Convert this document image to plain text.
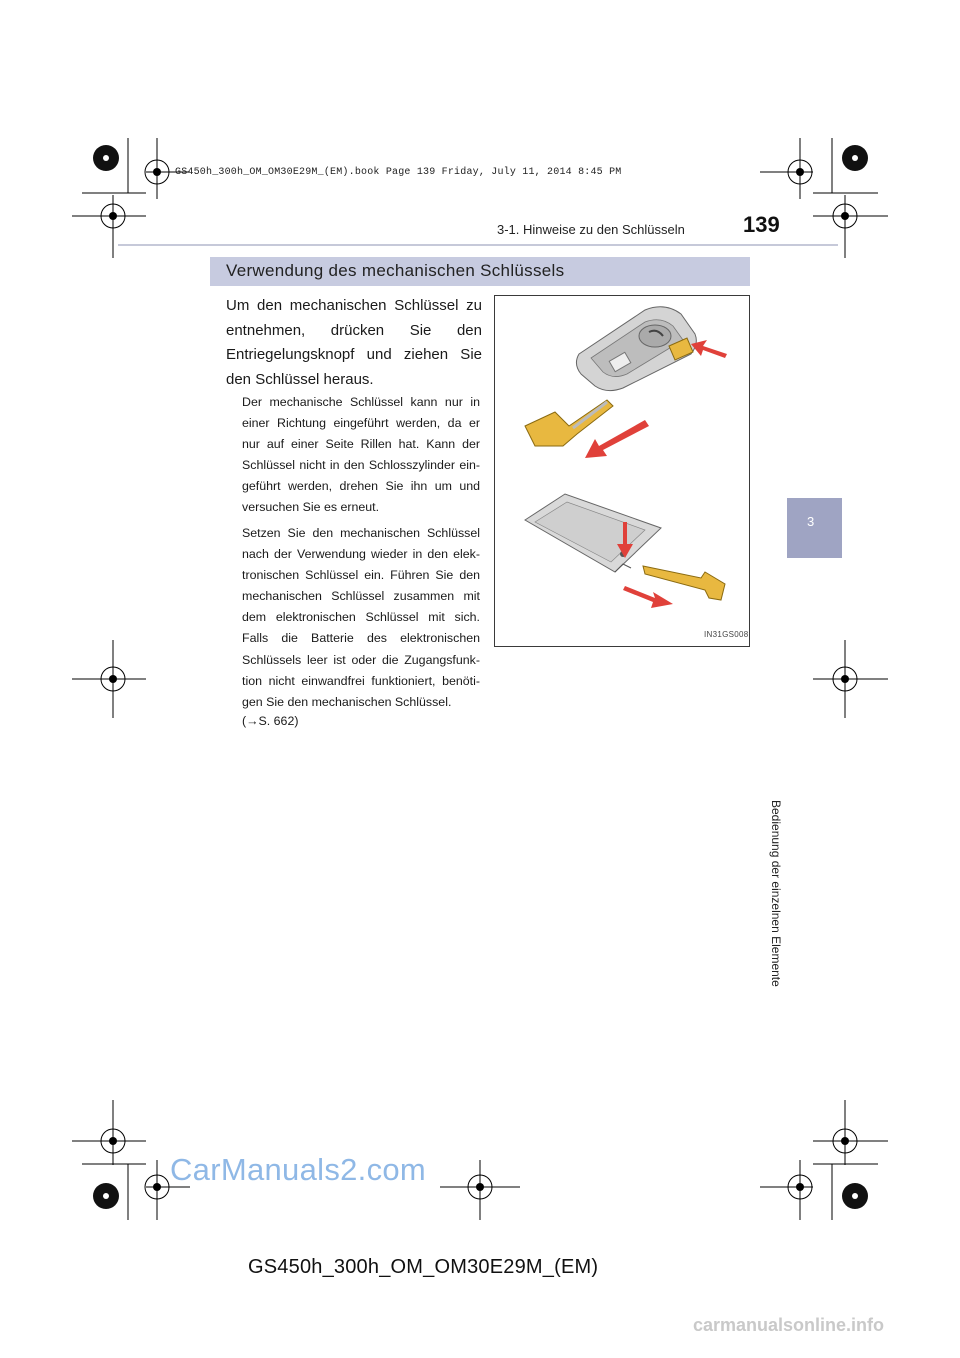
GS450h_300h_OM_OM30E29M_(EM).book Page 139 Friday, July 11, 2014 8:45 PM
3-1. Hinweise zu den Schlüsseln	139
3
Bedienung der einzelnen Elemente
Verwendung des mechanischen Schlüssels
Um den mechanischen Schlüssel zu entnehmen, drücken Sie den Entriegelungsknopf und ziehen Sie den Schlüssel heraus.
Der mechanische Schlüssel kann nur in einer Richtung eingeführt werden, da er nur auf einer Seite Rillen hat. Kann der Schlüssel nicht in den Schlosszylinder eingeführt werden, drehen Sie ihn um und versuchen Sie es erneut.
Setzen Sie den mechanischen Schlüssel nach der Verwendung wieder in den elektronischen Schlüssel ein. Führen Sie den mechanischen Schlüssel zusammen mit dem elektronischen Schlüssel mit sich. Falls die Batterie des elektronischen Schlüssels leer ist oder die Zugangsfunktion nicht einwandfrei funktioniert, benötigen Sie den mechanischen Schlüssel.
(→S. 662)
IN31GS008
GS450h_300h_OM_OM30E29M_(EM)
CarManuals2.com
carmanualsonline.info
